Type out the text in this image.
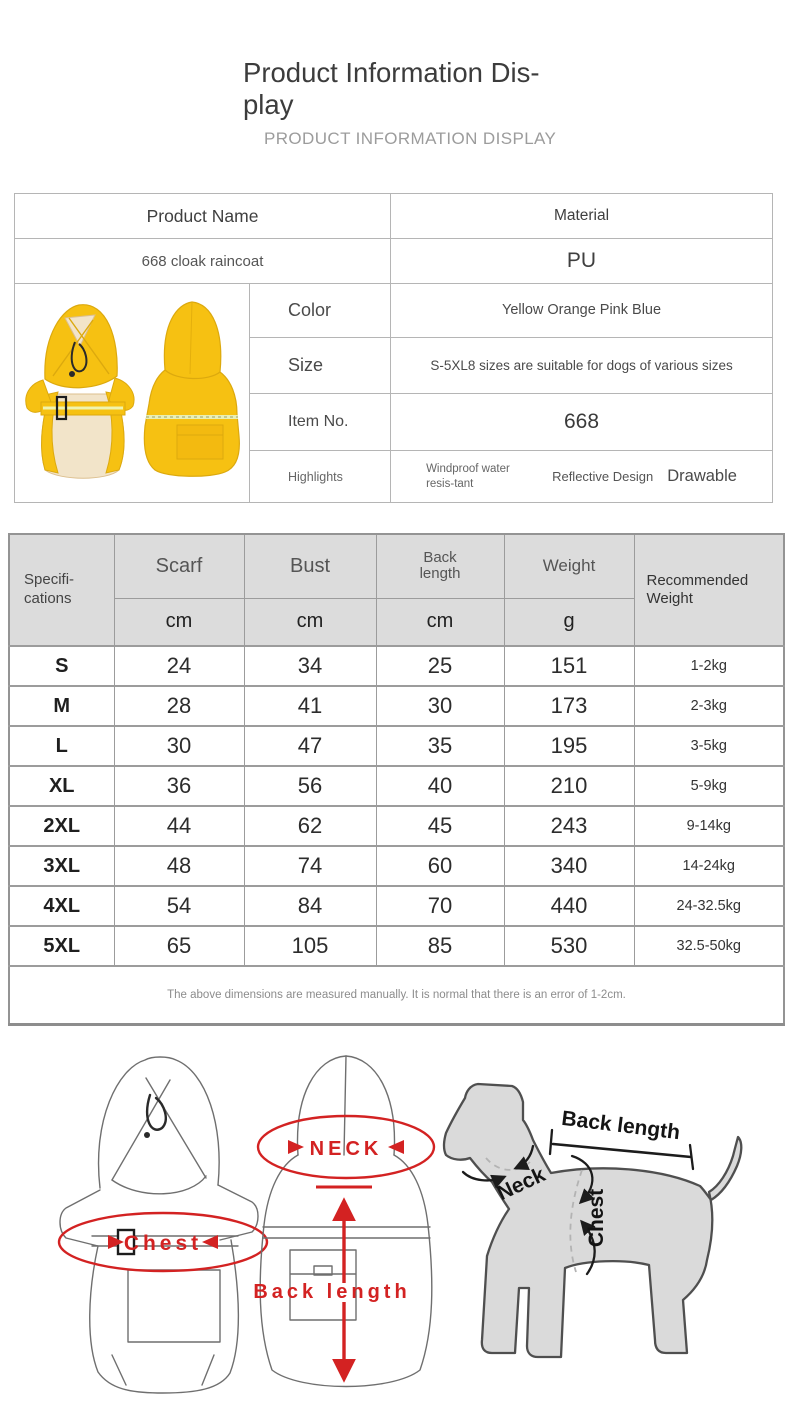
Product Information Dis-
play
PRODUCT INFORMATION DISPLAY
Product Name		Material
668 cloak raincoat		PU
	Color	Yellow Orange Pink Blue
	Size	S-5XL8 sizes are suitable for dogs of various sizes
	Item No.	668
	Highlights	Windproof water resis-tant Reflective Design Drawable
Specifi- cations	Scarf	Bust	Back length	Weight	Recommended Weight
	cm	cm	cm	g	
S	24	34	25	151	1-2kg
M	28	41	30	173	2-3kg
L	30	47	35	195	3-5kg
XL	36	56	40	210	5-9kg
2XL	44	62	45	243	9-14kg
3XL	48	74	60	340	14-24kg
4XL	54	84	70	440	24-32.5kg
5XL	65	105	85	530	32.5-50kg
The above dimensions are measured manually. It is normal that there is an error of 1-2cm.					
Chest
NECK
Back length
Back length
Neck
Chest
